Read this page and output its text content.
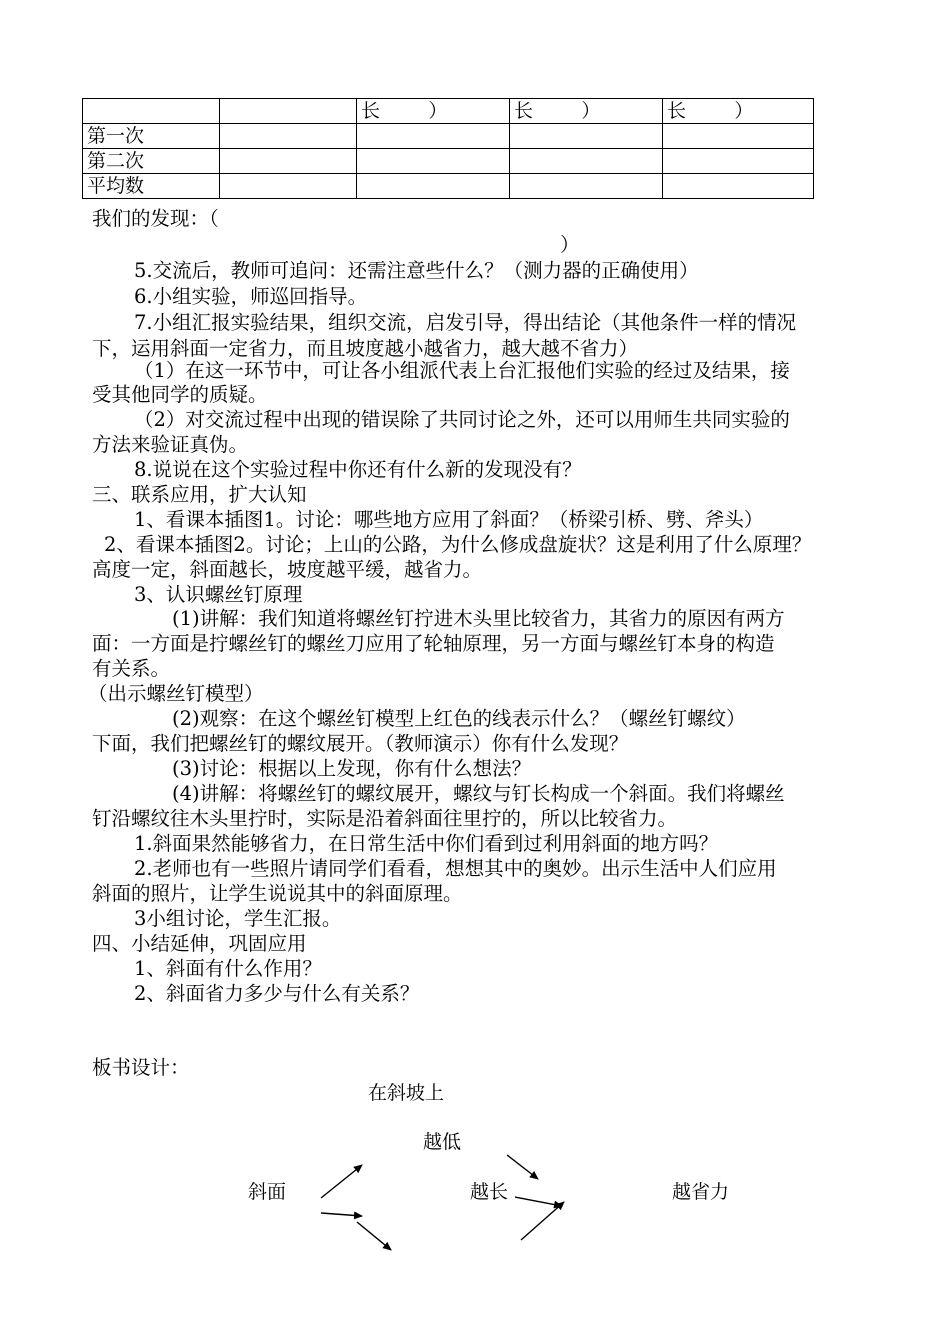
		长        ）	长        ）	长        ）
第一次				
第二次				
平均数				
我们的发现：（
）
5.交流后，教师可追问：还需注意些什么？（测力器的正确使用）
6.小组实验，师巡回指导。
7.小组汇报实验结果，组织交流，启发引导，得出结论（其他条件一样的情况
下，运用斜面一定省力，而且坡度越小越省力，越大越不省力）
（1）在这一环节中，可让各小组派代表上台汇报他们实验的经过及结果，接
受其他同学的质疑。
（2）对交流过程中出现的错误除了共同讨论之外，还可以用师生共同实验的
方法来验证真伪。
8.说说在这个实验过程中你还有什么新的发现没有？
三、联系应用，扩大认知
1、看课本插图1。讨论：哪些地方应用了斜面？（桥梁引桥、劈、斧头）
2、看课本插图2。讨论；上山的公路，为什么修成盘旋状？这是利用了什么原理？
高度一定，斜面越长，坡度越平缓，越省力。
3、认识螺丝钉原理
(1)讲解：我们知道将螺丝钉拧进木头里比较省力，其省力的原因有两方
面：一方面是拧螺丝钉的螺丝刀应用了轮轴原理，另一方面与螺丝钉本身的构造
有关系。
（出示螺丝钉模型）
(2)观察：在这个螺丝钉模型上红色的线表示什么？（螺丝钉螺纹）
下面，我们把螺丝钉的螺纹展开。（教师演示）你有什么发现？
(3)讨论：根据以上发现，你有什么想法？
(4)讲解：将螺丝钉的螺纹展开，螺纹与钉长构成一个斜面。我们将螺丝
钉沿螺纹往木头里拧时，实际是沿着斜面往里拧的，所以比较省力。
1.斜面果然能够省力，在日常生活中你们看到过利用斜面的地方吗？
2.老师也有一些照片请同学们看看，想想其中的奥妙。出示生活中人们应用
斜面的照片，让学生说说其中的斜面原理。
3小组讨论，学生汇报。
四、小结延伸，巩固应用
1、斜面有什么作用？
2、斜面省力多少与什么有关系？
板书设计：
在斜坡上
越低
斜面	越长	越省力
